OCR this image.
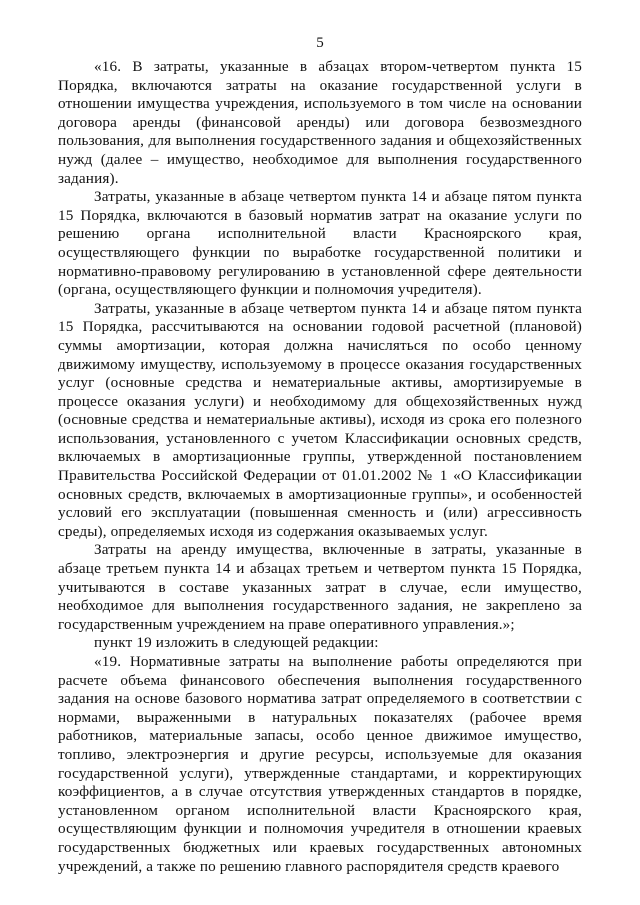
5

«16. В затраты, указанные в абзацах втором-четвертом пункта 15 Порядка, включаются затраты на оказание государственной услуги в отношении имущества учреждения, используемого в том числе на основании договора аренды (финансовой аренды) или договора безвозмездного пользования, для выполнения государственного задания и общехозяйственных нужд (далее – имущество, необходимое для выполнения государственного задания).

Затраты, указанные в абзаце четвертом пункта 14 и абзаце пятом пункта 15 Порядка, включаются в базовый норматив затрат на оказание услуги по решению органа исполнительной власти Красноярского края, осуществляющего функции по выработке государственной политики и нормативно-правовому регулированию в установленной сфере деятельности (органа, осуществляющего функции и полномочия учредителя).

Затраты, указанные в абзаце четвертом пункта 14 и абзаце пятом пункта 15 Порядка, рассчитываются на основании годовой расчетной (плановой) суммы амортизации, которая должна начисляться по особо ценному движимому имуществу, используемому в процессе оказания государственных услуг (основные средства и нематериальные активы, амортизируемые в процессе оказания услуги) и необходимому для общехозяйственных нужд (основные средства и нематериальные активы), исходя из срока его полезного использования, установленного с учетом Классификации основных средств, включаемых в амортизационные группы, утвержденной постановлением Правительства Российской Федерации от 01.01.2002 № 1 «О Классификации основных средств, включаемых в амортизационные группы», и особенностей условий его эксплуатации (повышенная сменность и (или) агрессивность среды), определяемых исходя из содержания оказываемых услуг.

Затраты на аренду имущества, включенные в затраты, указанные в абзаце третьем пункта 14 и абзацах третьем и четвертом пункта 15 Порядка, учитываются в составе указанных затрат в случае, если имущество, необходимое для выполнения государственного задания, не закреплено за государственным учреждением на праве оперативного управления.»;

пункт 19 изложить в следующей редакции:

«19. Нормативные затраты на выполнение работы определяются при расчете объема финансового обеспечения выполнения государственного задания на основе базового норматива затрат определяемого в соответствии с нормами, выраженными в натуральных показателях (рабочее время работников, материальные запасы, особо ценное движимое имущество, топливо, электроэнергия и другие ресурсы, используемые для оказания государственной услуги), утвержденные стандартами, и корректирующих коэффициентов, а в случае отсутствия утвержденных стандартов в порядке, установленном органом исполнительной власти Красноярского края, осуществляющим функции и полномочия учредителя в отношении краевых государственных бюджетных или краевых государственных автономных учреждений, а также по решению главного распорядителя средств краевого
